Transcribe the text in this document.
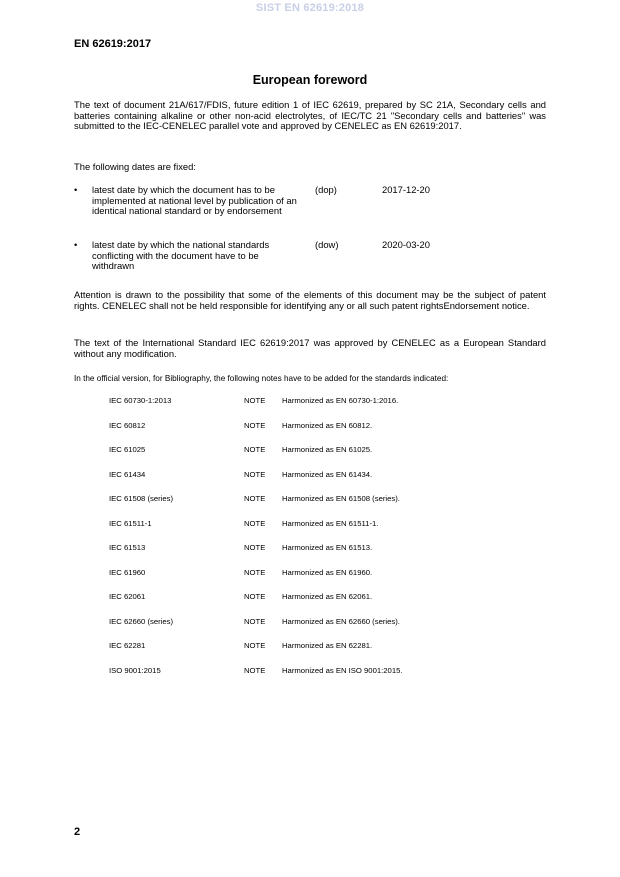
SIST EN 62619:2018
EN 62619:2017
European foreword
The text of document 21A/617/FDIS, future edition 1 of IEC 62619, prepared by SC 21A, Secondary cells and batteries containing alkaline or other non-acid electrolytes, of IEC/TC 21 "Secondary cells and batteries" was submitted to the IEC-CENELEC parallel vote and approved by CENELEC as EN 62619:2017.
The following dates are fixed:
• latest date by which the document has to be implemented at national level by publication of an identical national standard or by endorsement
(dop)	2017-12-20
• latest date by which the national standards conflicting with the document have to be withdrawn
(dow)	2020-03-20
Attention is drawn to the possibility that some of the elements of this document may be the subject of patent rights. CENELEC shall not be held responsible for identifying any or all such patent rightsEndorsement notice.
The text of the International Standard IEC 62619:2017 was approved by CENELEC as a European Standard without any modification.
In the official version, for Bibliography, the following notes have to be added for the standards indicated:
IEC 60730-1:2013	NOTE Harmonized as EN 60730-1:2016.
IEC 60812	NOTE Harmonized as EN 60812.
IEC 61025	NOTE Harmonized as EN 61025.
IEC 61434	NOTE Harmonized as EN 61434.
IEC 61508 (series)	NOTE Harmonized as EN 61508 (series).
IEC 61511-1	NOTE Harmonized as EN 61511-1.
IEC 61513	NOTE Harmonized as EN 61513.
IEC 61960	NOTE Harmonized as EN 61960.
IEC 62061	NOTE Harmonized as EN 62061.
IEC 62660 (series)	NOTE Harmonized as EN 62660 (series).
IEC 62281	NOTE Harmonized as EN 62281.
ISO 9001:2015	NOTE Harmonized as EN ISO 9001:2015.
2
